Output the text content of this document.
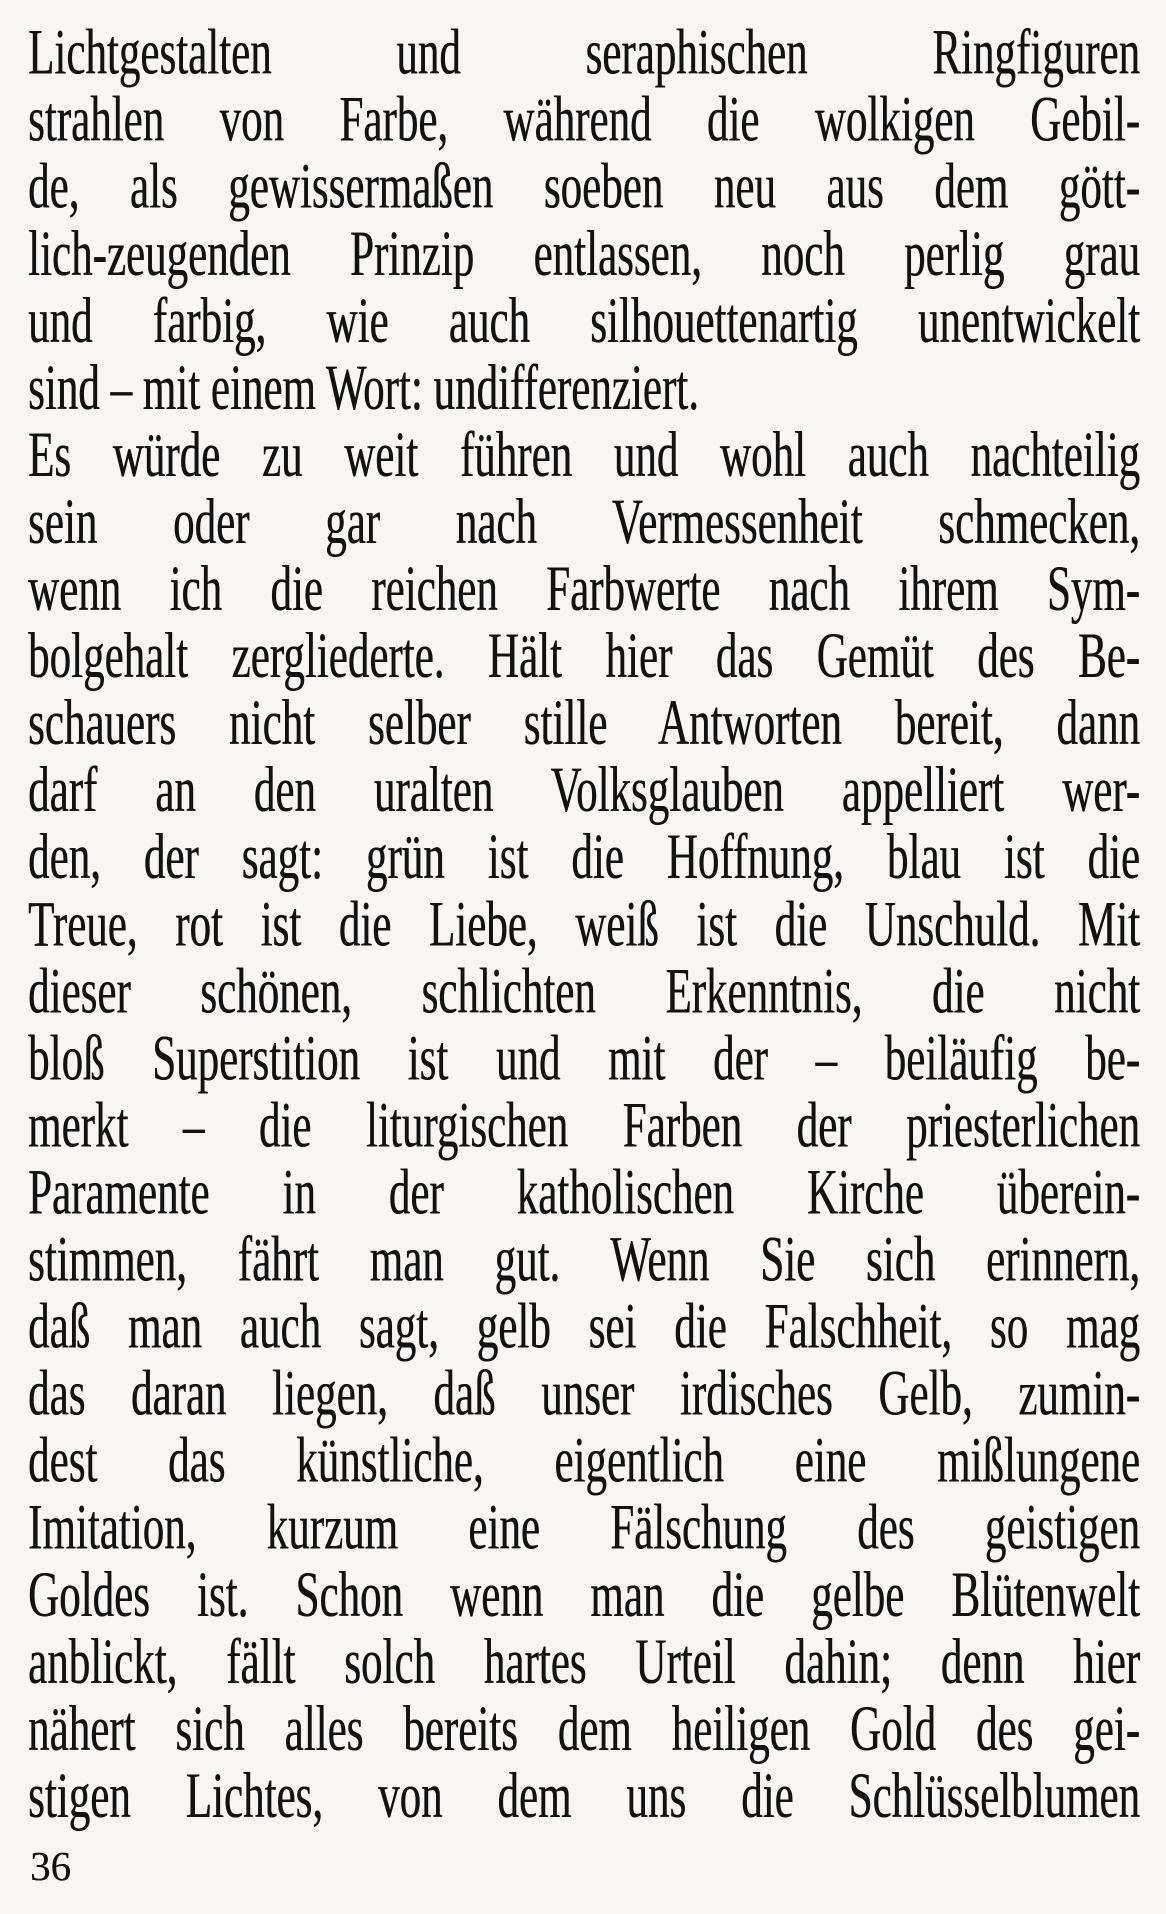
Lichtgestalten und seraphischen Ringfiguren
strahlen von Farbe, während die wolkigen Gebil-
de, als gewissermaßen soeben neu aus dem gött-
lich-zeugenden Prinzip entlassen, noch perlig grau
und farbig, wie auch silhouettenartig unentwickelt
sind – mit einem Wort: undifferenziert.
Es würde zu weit führen und wohl auch nachteilig
sein oder gar nach Vermessenheit schmecken,
wenn ich die reichen Farbwerte nach ihrem Sym-
bolgehalt zergliederte. Hält hier das Gemüt des Be-
schauers nicht selber stille Antworten bereit, dann
darf an den uralten Volksglauben appelliert wer-
den, der sagt: grün ist die Hoffnung, blau ist die
Treue, rot ist die Liebe, weiß ist die Unschuld. Mit
dieser schönen, schlichten Erkenntnis, die nicht
bloß Superstition ist und mit der – beiläufig be-
merkt – die liturgischen Farben der priesterlichen
Paramente in der katholischen Kirche überein-
stimmen, fährt man gut. Wenn Sie sich erinnern,
daß man auch sagt, gelb sei die Falschheit, so mag
das daran liegen, daß unser irdisches Gelb, zumin-
dest das künstliche, eigentlich eine mißlungene
Imitation, kurzum eine Fälschung des geistigen
Goldes ist. Schon wenn man die gelbe Blütenwelt
anblickt, fällt solch hartes Urteil dahin; denn hier
nähert sich alles bereits dem heiligen Gold des gei-
stigen Lichtes, von dem uns die Schlüsselblumen
36
